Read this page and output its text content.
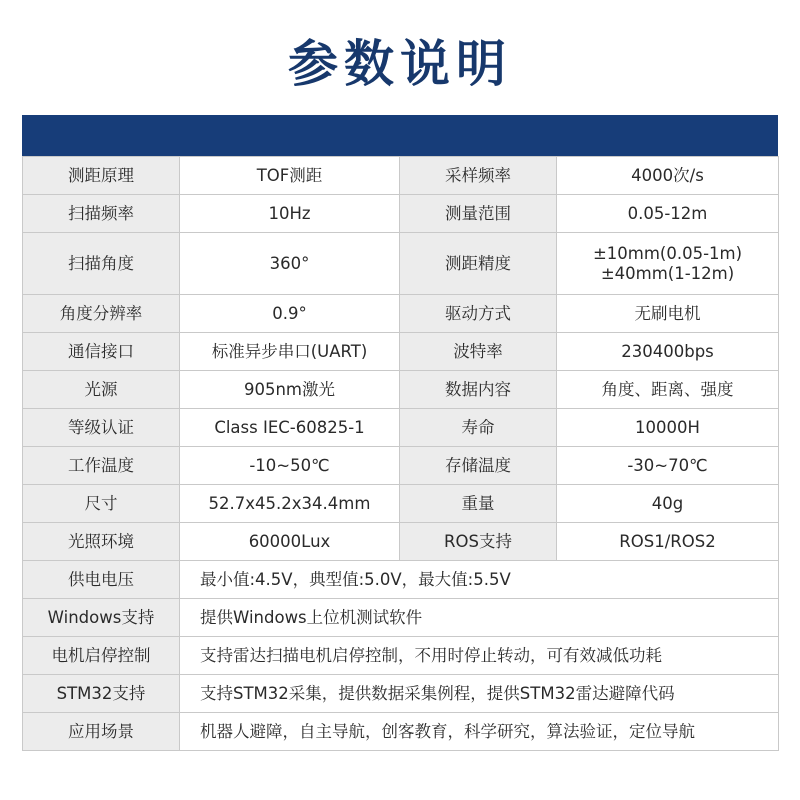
参数说明
测距原理	TOF测距	采样频率	4000次/s
扫描频率	10Hz	测量范围	0.05-12m
扫描角度	360°	测距精度	±10mm(0.05-1m)
±40mm(1-12m)

角度分辨率	0.9°	驱动方式	无刷电机
通信接口	标准异步串口(UART)	波特率	230400bps
光源	905nm激光	数据内容	角度、距离、强度
等级认证	Class IEC-60825-1	寿命	10000H
工作温度	-10~50℃	存储温度	-30~70℃
尺寸	52.7x45.2x34.4mm	重量	40g
光照环境	60000Lux	ROS支持	ROS1/ROS2
供电电压	最小值:4.5V，典型值:5.0V，最大值:5.5V		
Windows支持	提供Windows上位机测试软件		
电机启停控制	支持雷达扫描电机启停控制，不用时停止转动，可有效减低功耗		
STM32支持	支持STM32采集，提供数据采集例程，提供STM32雷达避障代码		
应用场景	机器人避障，自主导航，创客教育，科学研究，算法验证，定位导航		
